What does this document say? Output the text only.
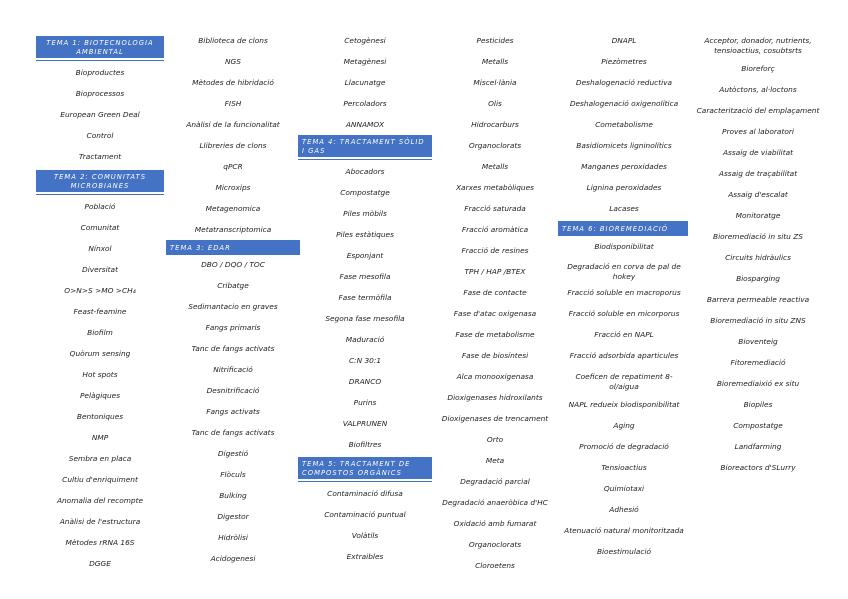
TEMA 1: BIOTECNOLOGIA AMBIENTAL
Bioproductes
Bioprocessos
European Green Deal
Control
Tractament
TEMA 2: COMUNITATS MICROBIANES
Població
Comunitat
Nínxol
Diversitat
O>N>S >MO >CH₄
Feast-feamine
Biofilm
Quòrum sensing
Hot spots
Pelàgiques
Bentoniques
NMP
Sembra en placa
Cultiu d'enriquiment
Anomalia del recompte
Anàlisi de l'estructura
Mètodes rRNA 16S
DGGE
Biblioteca de clons
NGS
Mètodes de hibridació
FISH
Anàlisi de la funcionalitat
Llibreries de clons
qPCR
Microxips
Metagenomica
Metatranscriptomica
TEMA 3: EDAR
DBO / DQO / TOC
Cribatge
Sedimantacio en graves
Fangs primaris
Tanc de fangs activats
Nitrificació
Desnitrificació
Fangs activats
Tanc de fangs activats
Digestió
Flòculs
Bulking
Digestor
Hidròlisi
Acidogenesi
Cetogènesi
Metagènesi
Llacunatge
Percoladors
ANNAMOX
TEMA 4: TRACTAMENT SÒLID I GAS
Abocadors
Compostatge
Piles mòbils
Piles estàtiques
Esponjant
Fase mesofila
Fase termòfila
Segona fase mesofila
Maduració
C:N 30:1
DRANCO
Purins
VALPRUNEN
Biofiltres
TEMA 5: TRACTAMENT DE COMPOSTOS ORGÀNICS
Contaminació difusa
Contaminació puntual
Volàtils
Extraibles
Pesticides
Metalls
Miscel·lània
Olis
Hidrocarburs
Organoclorats
Metalls
Xarxes metabòliques
Fracció saturada
Fracció aromàtica
Fracció de resines
TPH / HAP /BTEX
Fase de contacte
Fase d'atac oxigenasa
Fase de metabolisme
Fase de biosíntesi
Alca monooxigenasa
Dioxigenases hidroxilants
Dioxigenases de trencament
Orto
Meta
Degradació parcial
Degradació anaeròbica d'HC
Oxidació amb fumarat
Organoclorats
Cloroetens
DNAPL
Piezòmetres
Deshalogenació reductiva
Deshalogenació oxigenolítica
Cometabolisme
Basidiomicets ligninolítics
Manganes peroxidades
Lignina peroxidades
Lacases
TEMA 6: BIOREMEDIACIÓ
Biodisponibilitat
Degradació en corva de pal de hokey
Fracció soluble en macroporus
Fracció soluble en micorporus
Fracció en NAPL
Fracció adsorbida aparticules
Coeficen de repatiment 8-ol/aigua
NAPL redueix biodisponibilitat
Aging
Promoció de degradació
Tensioactius
Quimiotaxi
Adhesió
Atenuació natural monitoritzada
Bioestimulació
Acceptor, donador, nutrients, tensioactius, cosubtsrts
Bioreforç
Autòctons, al·loctons
Caracterització del emplaçament
Proves al laboratori
Assaig de viabilitat
Assaig de traçabilitat
Assaig d'escalat
Monitoratge
Bioremediació in situ ZS
Circuits hidràulics
Biosparging
Barrera permeable reactiva
Bioremediació in situ ZNS
Bioventeig
Fitoremediació
Bioremediaixió ex situ
Biopiles
Compostatge
Landfarming
Bioreactors d'SLurry
